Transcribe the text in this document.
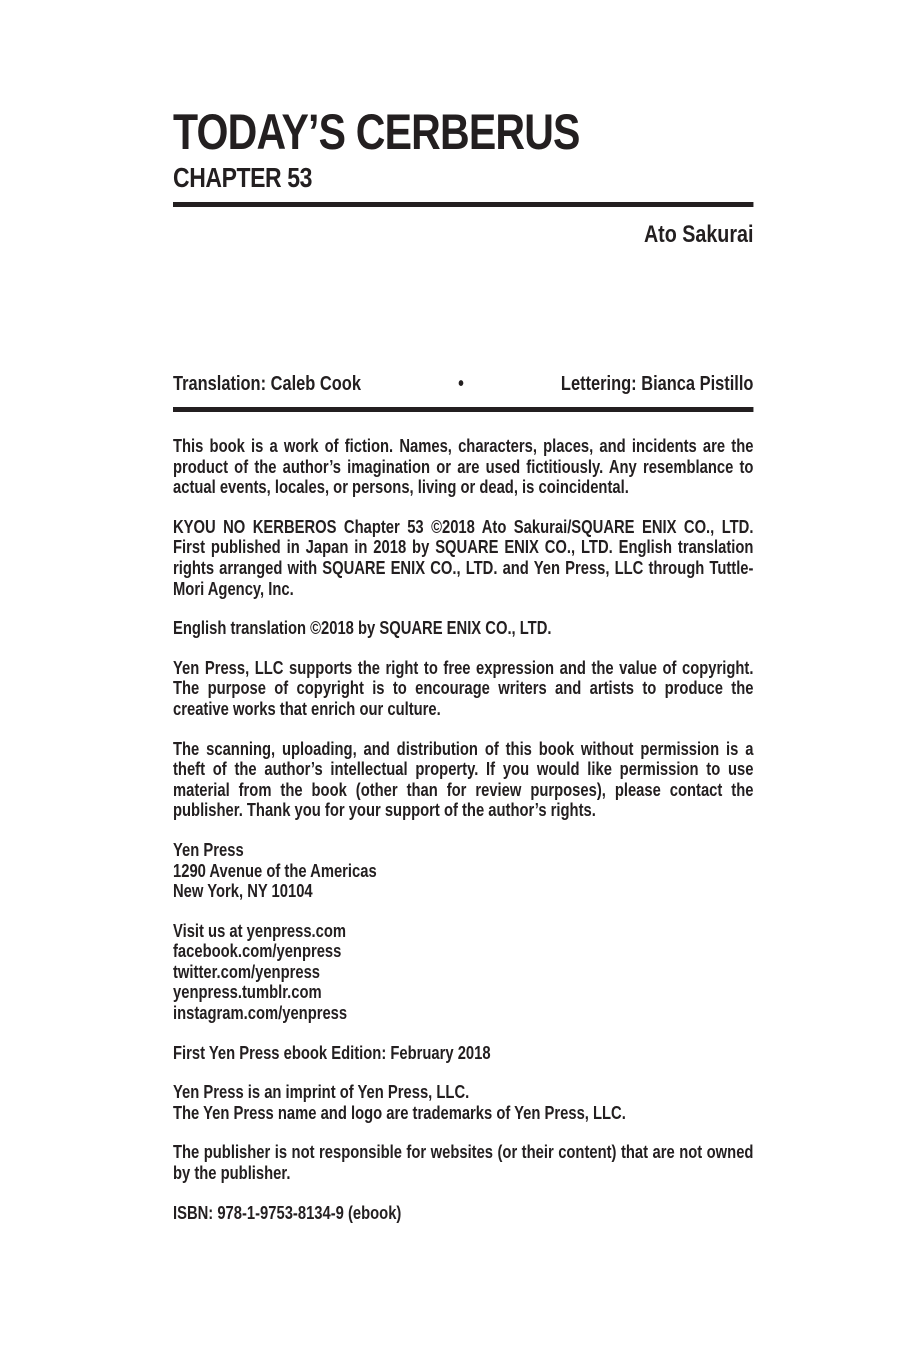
TODAY’S CERBERUS
CHAPTER 53
Ato Sakurai
Translation: Caleb Cook	•	Lettering: Bianca Pistillo

This book is a work of fiction. Names, characters, places, and incidents are the product of the author’s imagination or are used fictitiously. Any resemblance to actual events, locales, or persons, living or dead, is coincidental.

KYOU NO KERBEROS Chapter 53 ©2018 Ato Sakurai/SQUARE ENIX CO., LTD. First published in Japan in 2018 by SQUARE ENIX CO., LTD. English translation rights arranged with SQUARE ENIX CO., LTD. and Yen Press, LLC through Tuttle-Mori Agency, Inc.

English translation ©2018 by SQUARE ENIX CO., LTD.

Yen Press, LLC supports the right to free expression and the value of copyright. The purpose of copyright is to encourage writers and artists to produce the creative works that enrich our culture.

The scanning, uploading, and distribution of this book without permission is a theft of the author’s intellectual property. If you would like permission to use material from the book (other than for review purposes), please contact the publisher. Thank you for your support of the author’s rights.

Yen Press
1290 Avenue of the Americas
New York, NY 10104
Visit us at yenpress.com
facebook.com/yenpress
twitter.com/yenpress
yenpress.tumblr.com
instagram.com/yenpress

First Yen Press ebook Edition: February 2018

Yen Press is an imprint of Yen Press, LLC.
The Yen Press name and logo are trademarks of Yen Press, LLC.

The publisher is not responsible for websites (or their content) that are not owned by the publisher.

ISBN: 978-1-9753-8134-9 (ebook)
